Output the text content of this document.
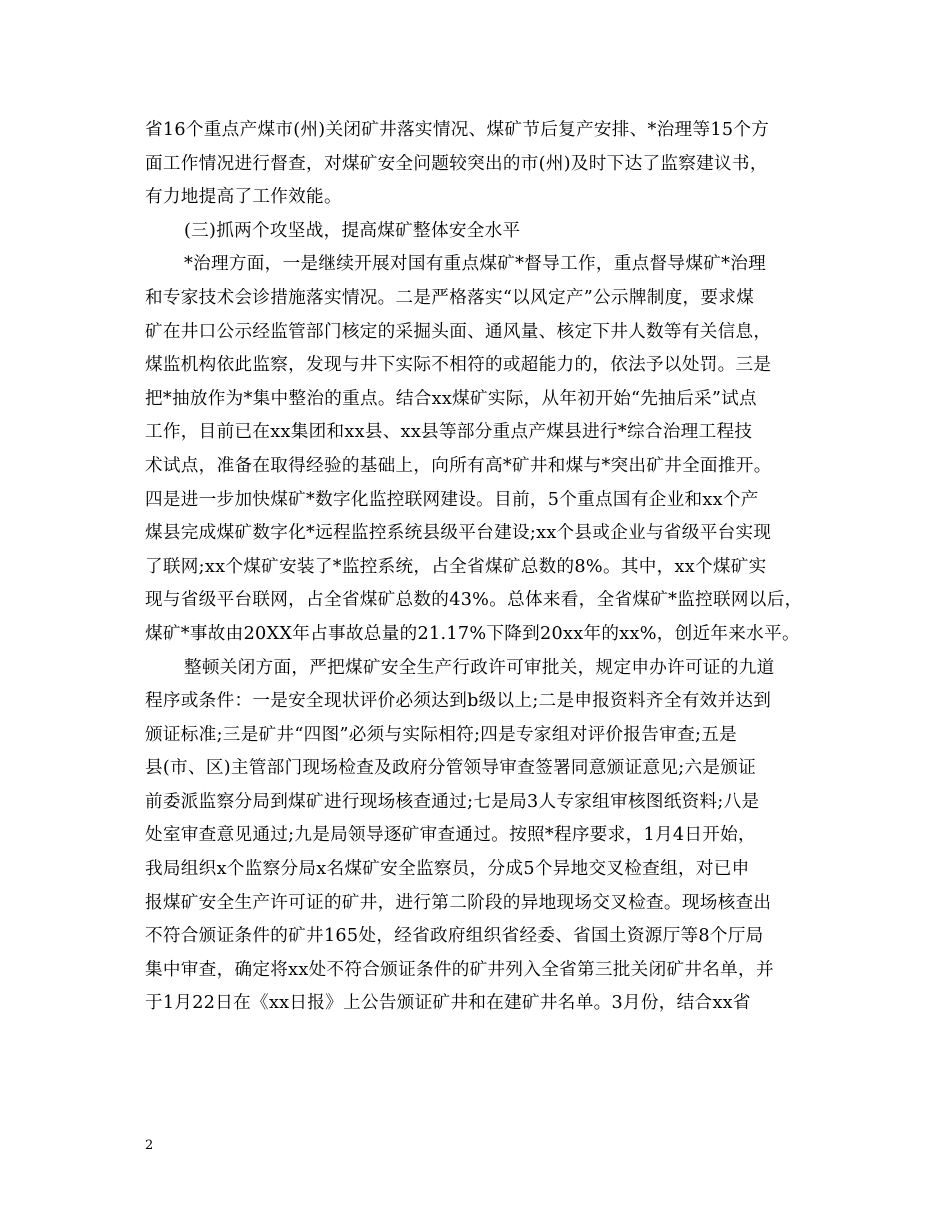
省16个重点产煤市(州)关闭矿井落实情况、煤矿节后复产安排、*治理等15个方
面工作情况进行督查，对煤矿安全问题较突出的市(州)及时下达了监察建议书，
有力地提高了工作效能。
(三)抓两个攻坚战，提高煤矿整体安全水平
*治理方面，一是继续开展对国有重点煤矿*督导工作，重点督导煤矿*治理
和专家技术会诊措施落实情况。二是严格落实“以风定产”公示牌制度，要求煤
矿在井口公示经监管部门核定的采掘头面、通风量、核定下井人数等有关信息，
煤监机构依此监察，发现与井下实际不相符的或超能力的，依法予以处罚。三是
把*抽放作为*集中整治的重点。结合xx煤矿实际，从年初开始“先抽后采”试点
工作，目前已在xx集团和xx县、xx县等部分重点产煤县进行*综合治理工程技
术试点，准备在取得经验的基础上，向所有高*矿井和煤与*突出矿井全面推开。
四是进一步加快煤矿*数字化监控联网建设。目前，5个重点国有企业和xx个产
煤县完成煤矿数字化*远程监控系统县级平台建设;xx个县或企业与省级平台实现
了联网;xx个煤矿安装了*监控系统，占全省煤矿总数的8%。其中，xx个煤矿实
现与省级平台联网，占全省煤矿总数的43%。总体来看，全省煤矿*监控联网以后，
煤矿*事故由20XX年占事故总量的21.17%下降到20xx年的xx%，创近年来水平。
整顿关闭方面，严把煤矿安全生产行政许可审批关，规定申办许可证的九道
程序或条件：一是安全现状评价必须达到b级以上;二是申报资料齐全有效并达到
颁证标准;三是矿井“四图”必须与实际相符;四是专家组对评价报告审查;五是
县(市、区)主管部门现场检查及政府分管领导审查签署同意颁证意见;六是颁证
前委派监察分局到煤矿进行现场核查通过;七是局3人专家组审核图纸资料;八是
处室审查意见通过;九是局领导逐矿审查通过。按照*程序要求，1月4日开始，
我局组织x个监察分局x名煤矿安全监察员，分成5个异地交叉检查组，对已申
报煤矿安全生产许可证的矿井，进行第二阶段的异地现场交叉检查。现场核查出
不符合颁证条件的矿井165处，经省政府组织省经委、省国土资源厅等8个厅局
集中审查，确定将xx处不符合颁证条件的矿井列入全省第三批关闭矿井名单，并
于1月22日在《xx日报》上公告颁证矿井和在建矿井名单。3月份，结合xx省
2
